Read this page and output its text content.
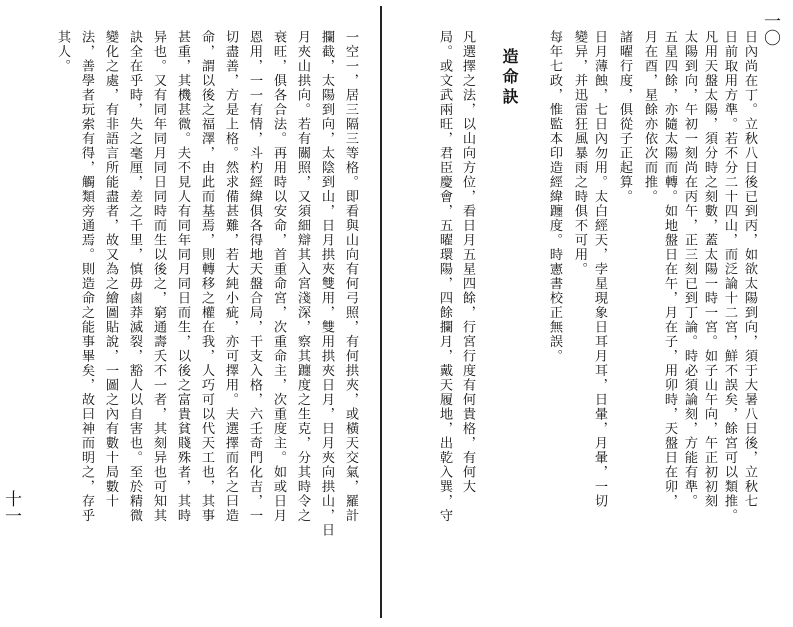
一〇
日內尚在丁。立秋八日後已到丙，如欲太陽到向，須于大暑八日後，立秋七
日前取用方準。若不分二十四山，而泛論十二宮，鮮不誤矣，餘宮可以類推。
凡用天盤太陽，須分時之刻數，蓋太陽一時一宮。如子山午向，午正初初刻
太陽到向，午初一刻尚在丙午，正三刻已到丁論。時必須論刻，方能有準。
五星四餘，亦隨太陽而轉。如地盤日在午，月在子，用卯時，天盤日在卯，
月在酉，星餘亦依次而推。
諸曜行度，俱從子正起算。
日月薄蝕，七日內勿用。太白經天，孛星現象日耳月耳，日暈，月暈，一切
變异，并迅雷狂風暴雨之時俱不可用。
每年七政，惟監本印造經緯躔度。時憲書校正無誤。
造命訣
凡選擇之法，以山向方位，看日月五星四餘，行宮行度有何貴格，有何大
局。或文武兩旺，君臣慶會，五曜環陽，四餘攔月，戴天履地，出乾入巽，守
十一	一空一，居三隔三等格。即看與山向有何弓照，有何拱夾，或橫天交氣，羅計
攔截，太陽到向，太陰到山，日月拱夾雙用，雙用拱夾日月，日月夾向拱山，日
月夾山拱向。若有關照，又須細辯其入宮淺深，察其躔度之生克，分其時令之
衰旺，俱各合法。再用時以安命，首重命宮，次重命主，次重度主。如或日月
恩用，一一有情，斗杓經緯俱各得地天盤合局，干支入格，六壬奇門化吉，一
切盡善，方是上格。然求備甚難，若大純小疵，亦可擇用。夫選擇而名之曰造
命，謂以後之福澤，由此而基焉，則轉移之權在我，人巧可以代天工也，其事
甚重，其機甚微。夫不見人有同年同月同日而生，以後之富貴貧賤殊者，其時
异也。又有同年同月同日同時而生以後之，窮通壽夭不一者，其刻异也可知其
訣全在乎時，失之毫厘，差之千里，慎毋鹵莽滅裂，豁人以自害也。至於精微
變化之處，有非語言所能盡者，故又為之繪圖貼說，一圖之內有數十局數十
法，善學者玩索有得，觸類旁通焉。則造命之能事畢矣，故曰神而明之，存乎
其人。
